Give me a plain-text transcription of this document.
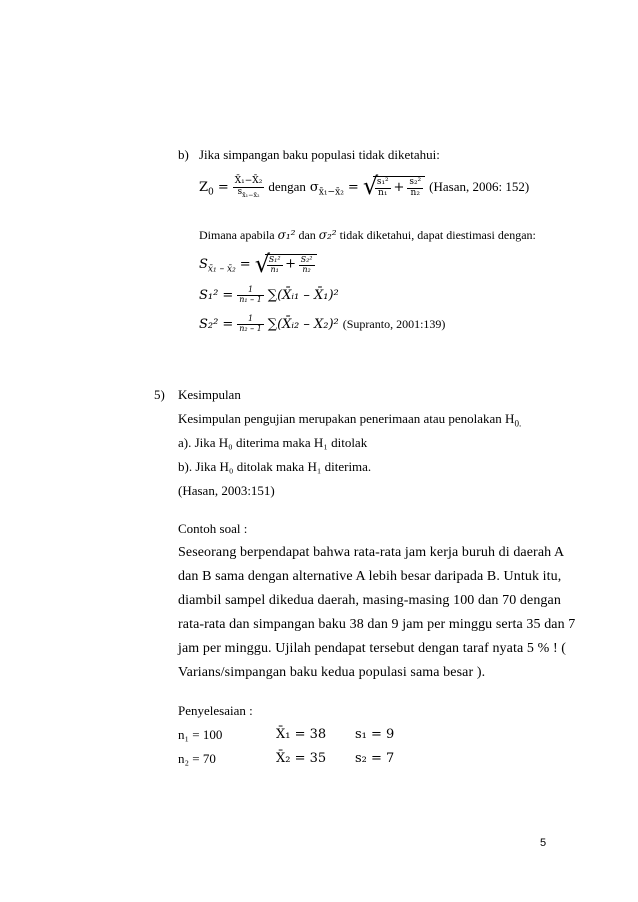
b) Jika simpangan baku populasi tidak diketahui:
$Z_0 = \frac{\text{X̄₁−X̄₂}}{s_{x̄_1-x̄_2}}$ dengan $\sigma_{x̄_1-x̄_2}$ = √
$\frac{\text{s₁²}}{\text{n₁}} + \frac{\text{s₂²}}{\text{n₂}}$ (Hasan, 2006: 152)
Dimana apabila σ₁² dan σ₂² tidak diketahui, dapat diestimasi dengan:
$S_{x̄_1 - x̄_2}$ = √
$\frac{\text{S₁²}}{\text{n₁}} + \frac{\text{S₂²}}{\text{n₂}}$
$S_1^2 = \frac{1}{\text{n₁ – 1}}$ ∑(X̄ᵢ₁ – X̄₁)²
$S_2^2 = \frac{1}{\text{n₂ – 1}}$ ∑(X̄ᵢ₂ – X₂)² (Supranto, 2001:139)
5) Kesimpulan
Kesimpulan pengujian merupakan penerimaan atau penolakan $H_{0.}$
a). Jika H₀ diterima maka H₁ ditolak
b). Jika H₀ ditolak maka H₁ diterima.
(Hasan, 2003:151)
Contoh soal :
Seseorang berpendapat bahwa rata-rata jam kerja buruh di daerah A
dan B sama dengan alternative A lebih besar daripada B. Untuk itu,
diambil sampel dikedua daerah, masing-masing 100 dan 70 dengan
rata-rata dan simpangan baku 38 dan 9 jam per minggu serta 35 dan 7
jam per minggu. Ujilah pendapat tersebut dengan taraf nyata 5 % ! (
Varians/simpangan baku kedua populasi sama besar ).
Penyelesaian :
n₁ = 100	X̄₁ = 38 s₁ = 9
n₂ = 70	X̄₂ = 35 s₂ = 7
5
